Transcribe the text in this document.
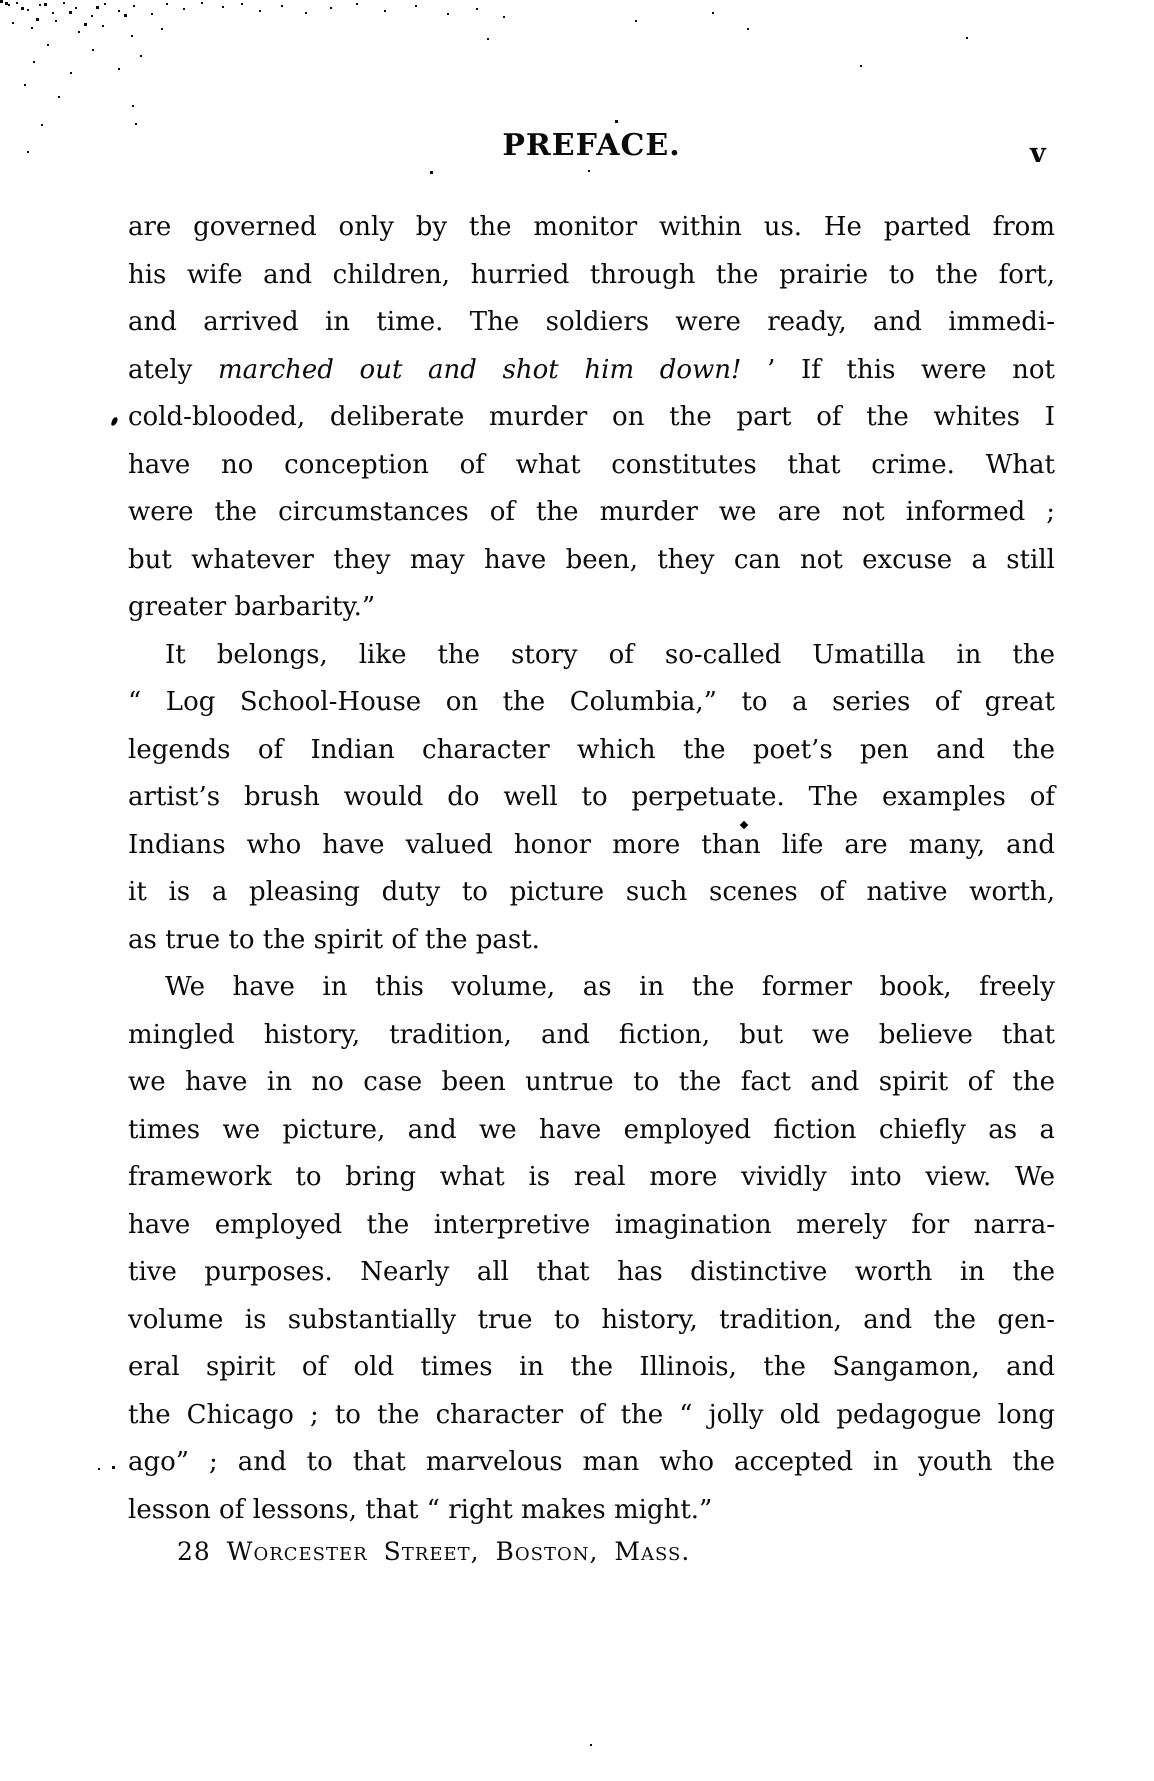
PREFACE.	v
are governed only by the monitor within us. He parted from
his wife and children, hurried through the prairie to the fort,
and arrived in time. The soldiers were ready, and immedi-
ately marched out and shot him down! ’ If this were not
cold-blooded, deliberate murder on the part of the whites I
have no conception of what constitutes that crime. What
were the circumstances of the murder we are not informed ;
but whatever they may have been, they can not excuse a still
greater barbarity.”
It belongs, like the story of so-called Umatilla in the
“ Log School-House on the Columbia,” to a series of great
legends of Indian character which the poet’s pen and the
artist’s brush would do well to perpetuate. The examples of
Indians who have valued honor more than life are many, and
it is a pleasing duty to picture such scenes of native worth,
as true to the spirit of the past.
We have in this volume, as in the former book, freely
mingled history, tradition, and fiction, but we believe that
we have in no case been untrue to the fact and spirit of the
times we picture, and we have employed fiction chiefly as a
framework to bring what is real more vividly into view. We
have employed the interpretive imagination merely for narra-
tive purposes. Nearly all that has distinctive worth in the
volume is substantially true to history, tradition, and the gen-
eral spirit of old times in the Illinois, the Sangamon, and
the Chicago ; to the character of the “ jolly old pedagogue long
ago” ; and to that marvelous man who accepted in youth the
lesson of lessons, that “ right makes might.”
28 Worcester Street, Boston, Mass.
